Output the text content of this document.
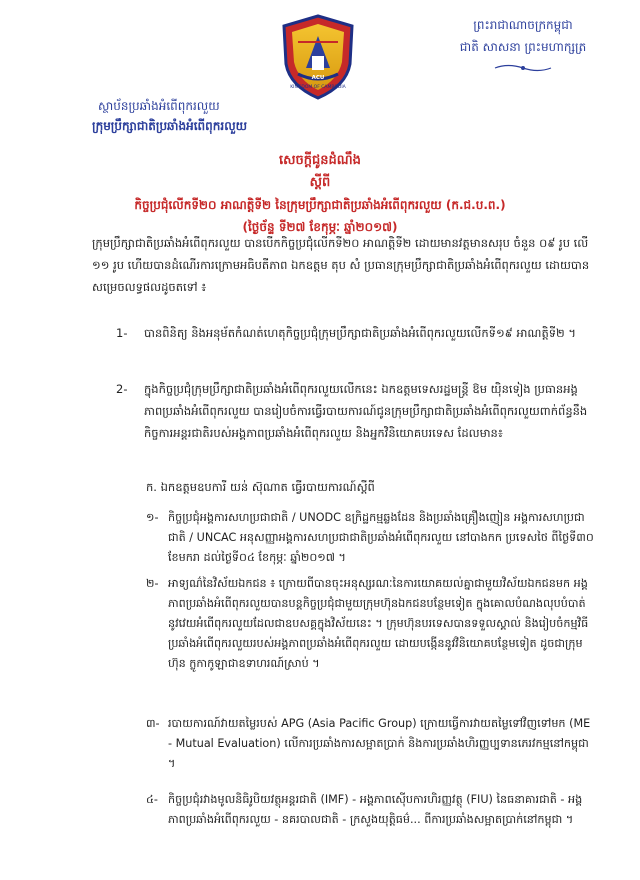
ព្រះរាជាណាចក្រកម្ពុជា
ជាតិ សាសនា ព្រះមហាក្សត្រ
ACU
KINGDOM OF CAMBODIA
ស្ថាប័នប្រឆាំងអំពើពុករលួយ
ក្រុមប្រឹក្សាជាតិប្រឆាំងអំពើពុករលួយ
សេចក្តីជូនដំណឹង
ស្តីពី
កិច្ចប្រជុំលើកទី២០ អាណត្តិទី២ នៃក្រុមប្រឹក្សាជាតិប្រឆាំងអំពើពុករលួយ (ក.ជ.ប.ព.)
(ថ្ងៃច័ន្ទ ទី២៧ ខែកុម្ភៈ ឆ្នាំ២០១៧)
ក្រុមប្រឹក្សាជាតិប្រឆាំងអំពើពុករលួយ បានបើកកិច្ចប្រជុំលើកទី២០ អាណត្តិទី២ ដោយមានវត្តមានសរុប ចំនួន ០៩ រូប លើ ១១ រូប ហើយបានដំណើរការក្រោមអធិបតីភាព ឯកឧត្តម តុប សំ ប្រធានក្រុមប្រឹក្សាជាតិប្រឆាំងអំពើពុករលួយ ដោយបានសម្រេចលទ្ធផលដូចតទៅ ៖
1- បានពិនិត្យ និងអនុម័តកំណត់ហេតុកិច្ចប្រជុំក្រុមប្រឹក្សាជាតិប្រឆាំងអំពើពុករលួយលើកទី១៩ អាណត្តិទី២ ។
2- ក្នុងកិច្ចប្រជុំក្រុមប្រឹក្សាជាតិប្រឆាំងអំពើពុករលួយលើកនេះ ឯកឧត្តមទេសរដ្ឋមន្ត្រី ឱម យ៉ិនទៀង ប្រធានអង្គភាពប្រឆាំងអំពើពុករលួយ បានរៀបចំការធ្វើរបាយការណ៍ជូនក្រុមប្រឹក្សាជាតិប្រឆាំងអំពើពុករលួយពាក់ព័ន្ធនឹងកិច្ចការអន្តរជាតិរបស់អង្គភាពប្រឆាំងអំពើពុករលួយ និងអ្នកវិនិយោគបរទេស ដែលមាន៖
ក. ឯកឧត្តមឧបការី យន់ ស៊ុណាត ធ្វើរបាយការណ៍ស្តីពី
១- កិច្ចប្រជុំអង្គការសហប្រជាជាតិ / UNODC ឧក្រិដ្ឋកម្មឆ្លងដែន និងប្រឆាំងគ្រឿងញៀន អង្គការសហប្រជាជាតិ / UNCAC អនុសញ្ញាអង្គការសហប្រជាជាតិប្រឆាំងអំពើពុករលួយ នៅបាងកក ប្រទេសថៃ ពីថ្ងៃទី៣០ ខែមករា ដល់ថ្ងៃទី០៤ ខែកុម្ភៈ ឆ្នាំ២០១៧ ។
២- អាទ្យណ៌នៃវិស័យឯកជន ៖ ក្រោយពីបានចុះអនុស្សរណៈនៃការយោគយល់គ្នាជាមួយវិស័យឯកជនមក អង្គភាពប្រឆាំងអំពើពុករលួយបានបន្តកិច្ចប្រជុំជាមួយក្រុមហ៊ុនឯកជនបន្ថែមទៀត ក្នុងគោលបំណងលុបបំបាត់នូវវេយអំពើពុករលួយដែលជាឧបសគ្គក្នុងវិស័យនេះ ។ ក្រុមហ៊ុនបរទេសបានទទួលស្គាល់ និងរៀបចំកម្មវិធីប្រឆាំងអំពើពុករលួយរបស់អង្គភាពប្រឆាំងអំពើពុករលួយ ដោយបង្កើននូវវិនិយោគបន្ថែមទៀត ដូចជាក្រុមហ៊ុន ក្លូកាកូឡាជាឧទាហរណ៍ស្រាប់ ។
៣- របាយការណ៍វាយតម្លៃរបស់ APG (Asia Pacific Group) ក្រោយធ្វើការវាយតម្លៃទៅវិញទៅមក (ME - Mutual Evaluation) លើការប្រឆាំងការសម្អាតប្រាក់ និងការប្រឆាំងហិរញ្ញប្បទានភេរវកម្មនៅកម្ពុជា ។
៤- កិច្ចប្រជុំរវាងមូលនិធិរូបិយវត្ថុអន្តរជាតិ (IMF) - អង្គភាពស៊ើបការហិរញ្ញវត្ថុ (FIU) នៃធនាគារជាតិ - អង្គភាពប្រឆាំងអំពើពុករលួយ - នគរបាលជាតិ - ក្រសួងយុត្តិធម៌... ពីការប្រឆាំងសម្អាតប្រាក់នៅកម្ពុជា ។
